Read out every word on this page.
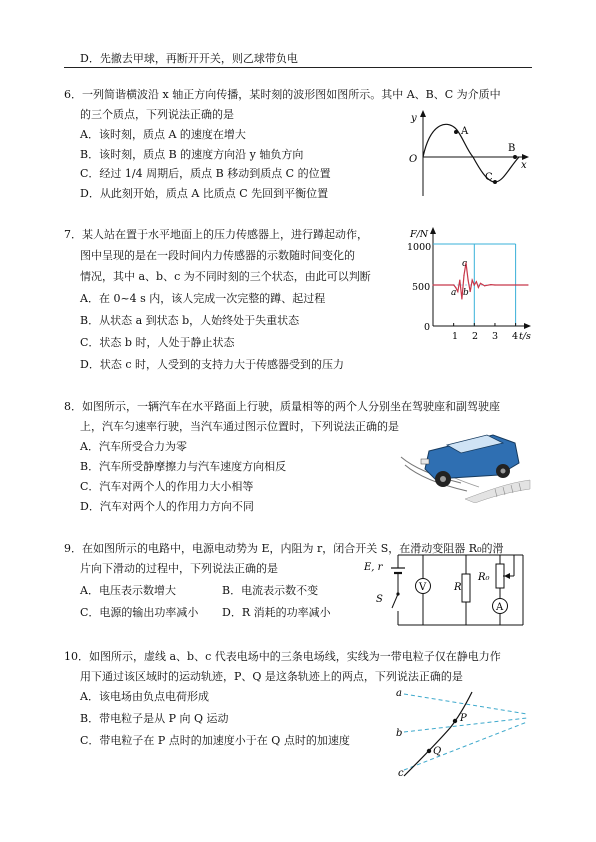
D．先撤去甲球，再断开开关，则乙球带负电
6．一列简谐横波沿 x 轴正方向传播，某时刻的波形图如图所示。其中 A、B、C 为介质中
的三个质点，下列说法正确的是
A．该时刻，质点 A 的速度在增大
B．该时刻，质点 B 的速度方向沿 y 轴负方向
C．经过 1/4 周期后，质点 B 移动到质点 C 的位置
D．从此刻开始，质点 A 比质点 C 先回到平衡位置
y
x
O
A
B
C
7．某人站在置于水平地面上的压力传感器上，进行蹲起动作，
图中呈现的是在一段时间内力传感器的示数随时间变化的
情况，其中 a、b、c 为不同时刻的三个状态，由此可以判断
A．在 0~4 s 内，该人完成一次完整的蹲、起过程
B．从状态 a 到状态 b，人始终处于失重状态
C．状态 b 时，人处于静止状态
D．状态 c 时，人受到的支持力大于传感器受到的压力
F/N
1000
500
0
1 2 3 4 t/s
a b
c
8．如图所示，一辆汽车在水平路面上行驶，质量相等的两个人分别坐在驾驶座和副驾驶座
上，汽车匀速率行驶，当汽车通过图示位置时，下列说法正确的是
A．汽车所受合力为零
B．汽车所受静摩擦力与汽车速度方向相反
C．汽车对两个人的作用力大小相等
D．汽车对两个人的作用力方向不同
9．在如图所示的电路中，电源电动势为 E，内阻为 r，闭合开关 S，在滑动变阻器 R₀的滑
片向下滑动的过程中，下列说法正确的是
A．电压表示数增大	B．电流表示数不变
C．电源的输出功率减小 D．R 消耗的功率减小
V
A
E, r
S
R
R₀
10．如图所示，虚线 a、b、c 代表电场中的三条电场线，实线为一带电粒子仅在静电力作
用下通过该区域时的运动轨迹，P、Q 是这条轨迹上的两点，下列说法正确的是
A．该电场由负点电荷形成
B．带电粒子是从 P 向 Q 运动
C．带电粒子在 P 点时的加速度小于在 Q 点时的加速度
a
b
c
P
Q
